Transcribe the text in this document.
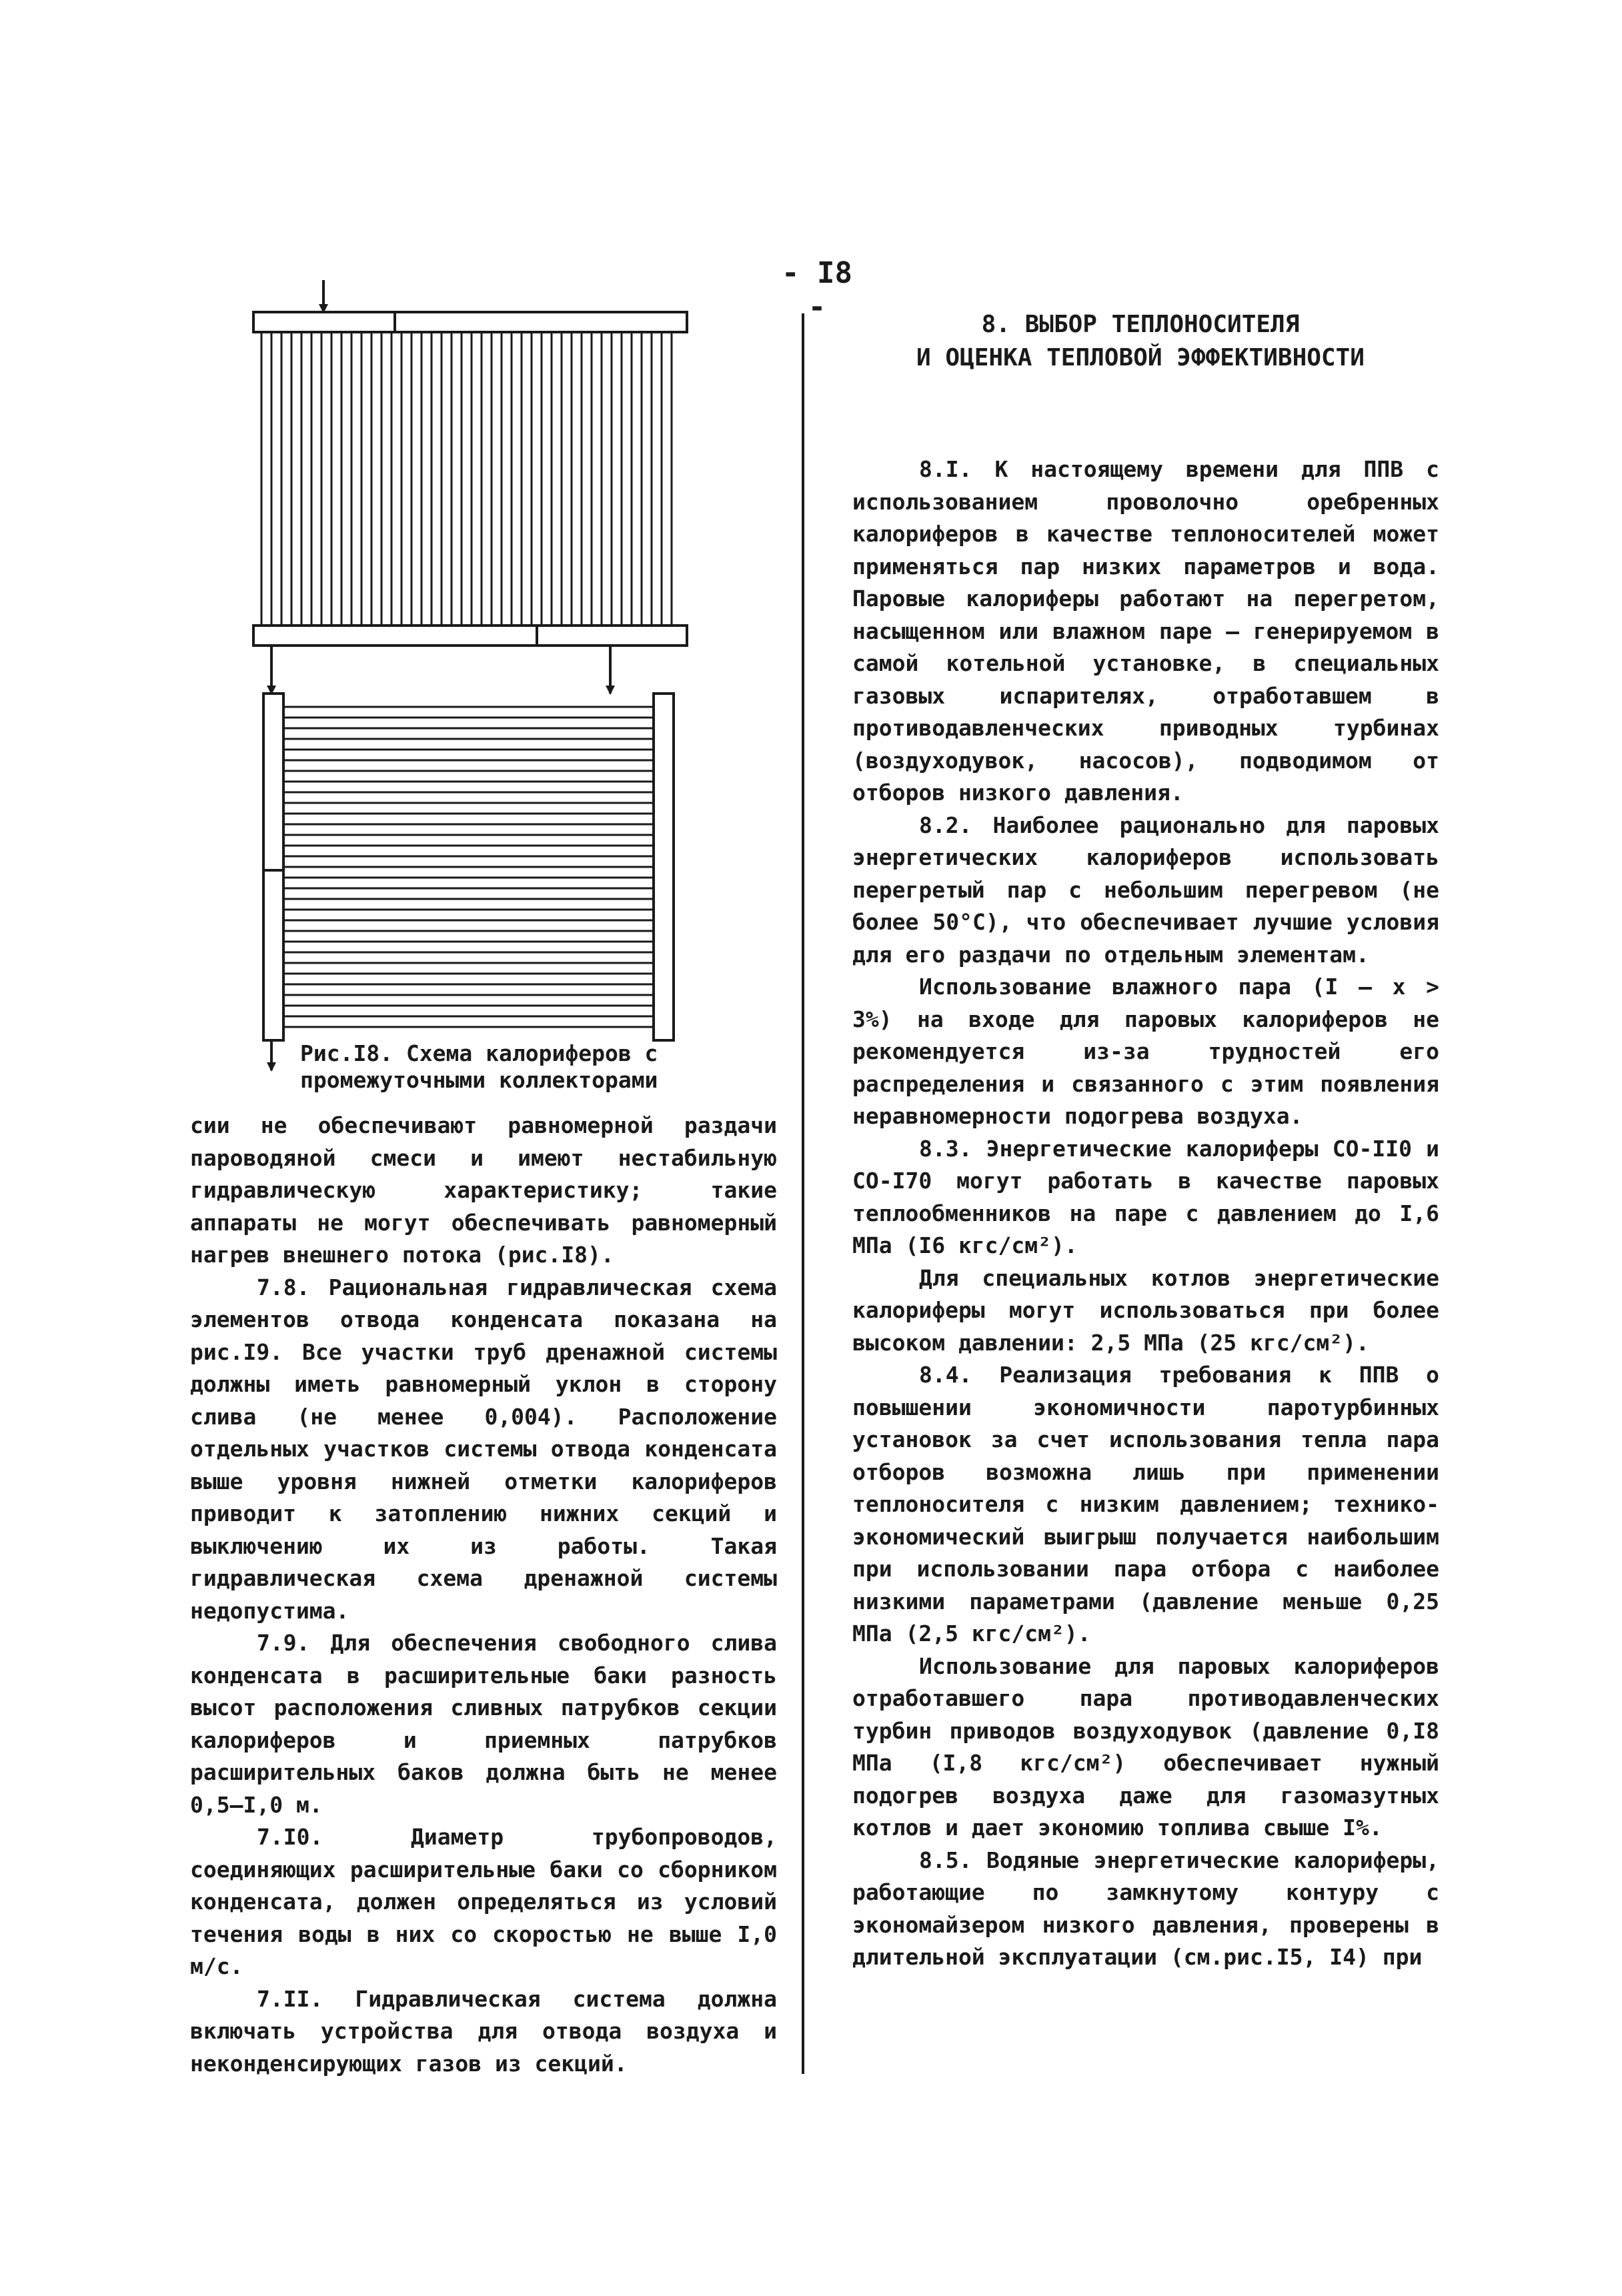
- I8 -
Рис.I8. Схема калориферов с промежуточными коллекторами

сии не обеспечивают равномерной раздачи пароводяной смеси и имеют нестабильную гидравлическую характеристику; такие аппараты не могут обеспечивать равномерный нагрев внешнего потока (рис.I8).

7.8. Рациональная гидравлическая схема элементов отвода конденсата показана на рис.I9. Все участки труб дренажной системы должны иметь равномерный уклон в сторону слива (не менее 0,004). Расположение отдельных участков системы отвода конденсата выше уровня нижней отметки калориферов приводит к затоплению нижних секций и выключению их из работы. Такая гидравлическая схема дренажной системы недопустима.

7.9. Для обеспечения свободного слива конденсата в расширительные баки разность высот расположения сливных патрубков секции калориферов и приемных патрубков расширительных баков должна быть не менее 0,5–I,0 м.

7.I0. Диаметр трубопроводов, соединяющих расширительные баки со сборником конденсата, должен определяться из условий течения воды в них со скоростью не выше I,0 м/с.

7.II. Гидравлическая система должна включать устройства для отвода воздуха и неконденсирующих газов из секций.

8. ВЫБОР ТЕПЛОНОСИТЕЛЯ
И ОЦЕНКА ТЕПЛОВОЙ ЭФФЕКТИВНОСТИ

8.I. К настоящему времени для ППВ с использованием проволочно оребренных калориферов в качестве теплоносителей может применяться пар низких параметров и вода. Паровые калориферы работают на перегретом, насыщенном или влажном паре – генерируемом в самой котельной установке, в специальных газовых испарителях, отработавшем в противодавленческих приводных турбинах (воздуходувок, насосов), подводимом от отборов низкого давления.

8.2. Наиболее рационально для паровых энергетических калориферов использовать перегретый пар с небольшим перегревом (не более 50°С), что обеспечивает лучшие условия для его раздачи по отдельным элементам.

Использование влажного пара (I – x > 3%) на входе для паровых калориферов не рекомендуется из-за трудностей его распределения и связанного с этим появления неравномерности подогрева воздуха.

8.3. Энергетические калориферы СО-II0 и СО-I70 могут работать в качестве паровых теплообменников на паре с давлением до I,6 МПа (I6 кгс/см²).

Для специальных котлов энергетические калориферы могут использоваться при более высоком давлении: 2,5 МПа (25 кгс/см²).

8.4. Реализация требования к ППВ о повышении экономичности паротурбинных установок за счет использования тепла пара отборов возможна лишь при применении теплоносителя с низким давлением; технико-экономический выигрыш получается наибольшим при использовании пара отбора с наиболее низкими параметрами (давление меньше 0,25 МПа (2,5 кгс/см²).

Использование для паровых калориферов отработавшего пара противодавленческих турбин приводов воздуходувок (давление 0,I8 МПа (I,8 кгс/см²) обеспечивает нужный подогрев воздуха даже для газомазутных котлов и дает экономию топлива свыше I%.

8.5. Водяные энергетические калориферы, работающие по замкнутому контуру с экономайзером низкого давления, проверены в длительной эксплуатации (см.рис.I5, I4) при
